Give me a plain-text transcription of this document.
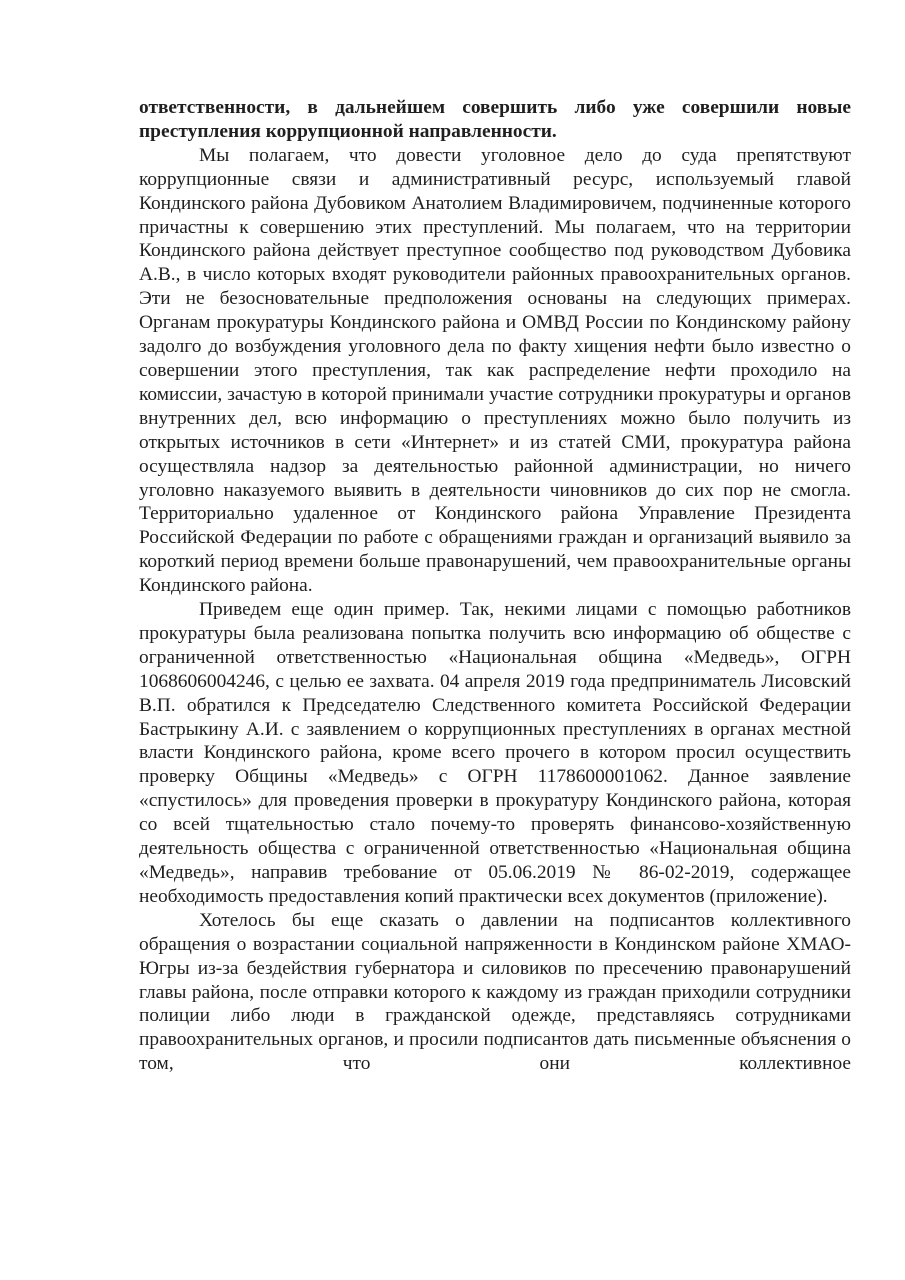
ответственности, в дальнейшем совершить либо уже совершили новые преступления коррупционной направленности.

Мы полагаем, что довести уголовное дело до суда препятствуют коррупционные связи и административный ресурс, используемый главой Кондинского района Дубовиком Анатолием Владимировичем, подчиненные которого причастны к совершению этих преступлений. Мы полагаем, что на территории Кондинского района действует преступное сообщество под руководством Дубовика А.В., в число которых входят руководители районных правоохранительных органов. Эти не безосновательные предположения основаны на следующих примерах. Органам прокуратуры Кондинского района и ОМВД России по Кондинскому району задолго до возбуждения уголовного дела по факту хищения нефти было известно о совершении этого преступления, так как распределение нефти проходило на комиссии, зачастую в которой принимали участие сотрудники прокуратуры и органов внутренних дел, всю информацию о преступлениях можно было получить из открытых источников в сети «Интернет» и из статей СМИ, прокуратура района осуществляла надзор за деятельностью районной администрации, но ничего уголовно наказуемого выявить в деятельности чиновников до сих пор не смогла. Территориально удаленное от Кондинского района Управление Президента Российской Федерации по работе с обращениями граждан и организаций выявило за короткий период времени больше правонарушений, чем правоохранительные органы Кондинского района.

Приведем еще один пример. Так, некими лицами с помощью работников прокуратуры была реализована попытка получить всю информацию об обществе с ограниченной ответственностью «Национальная община «Медведь», ОГРН 1068606004246, с целью ее захвата. 04 апреля 2019 года предприниматель Лисовский В.П. обратился к Председателю Следственного комитета Российской Федерации Бастрыкину А.И. с заявлением о коррупционных преступлениях в органах местной власти Кондинского района, кроме всего прочего в котором просил осуществить проверку Общины «Медведь» с ОГРН 1178600001062. Данное заявление «спустилось» для проведения проверки в прокуратуру Кондинского района, которая со всей тщательностью стало почему-то проверять финансово-хозяйственную деятельность общества с ограниченной ответственностью «Национальная община «Медведь», направив требование от 05.06.2019 № 86-02-2019, содержащее необходимость предоставления копий практически всех документов (приложение).

Хотелось бы еще сказать о давлении на подписантов коллективного обращения о возрастании социальной напряженности в Кондинском районе ХМАО-Югры из-за бездействия губернатора и силовиков по пресечению правонарушений главы района, после отправки которого к каждому из граждан приходили сотрудники полиции либо люди в гражданской одежде, представляясь сотрудниками правоохранительных органов, и просили подписантов дать письменные объяснения о том, что они коллективное
